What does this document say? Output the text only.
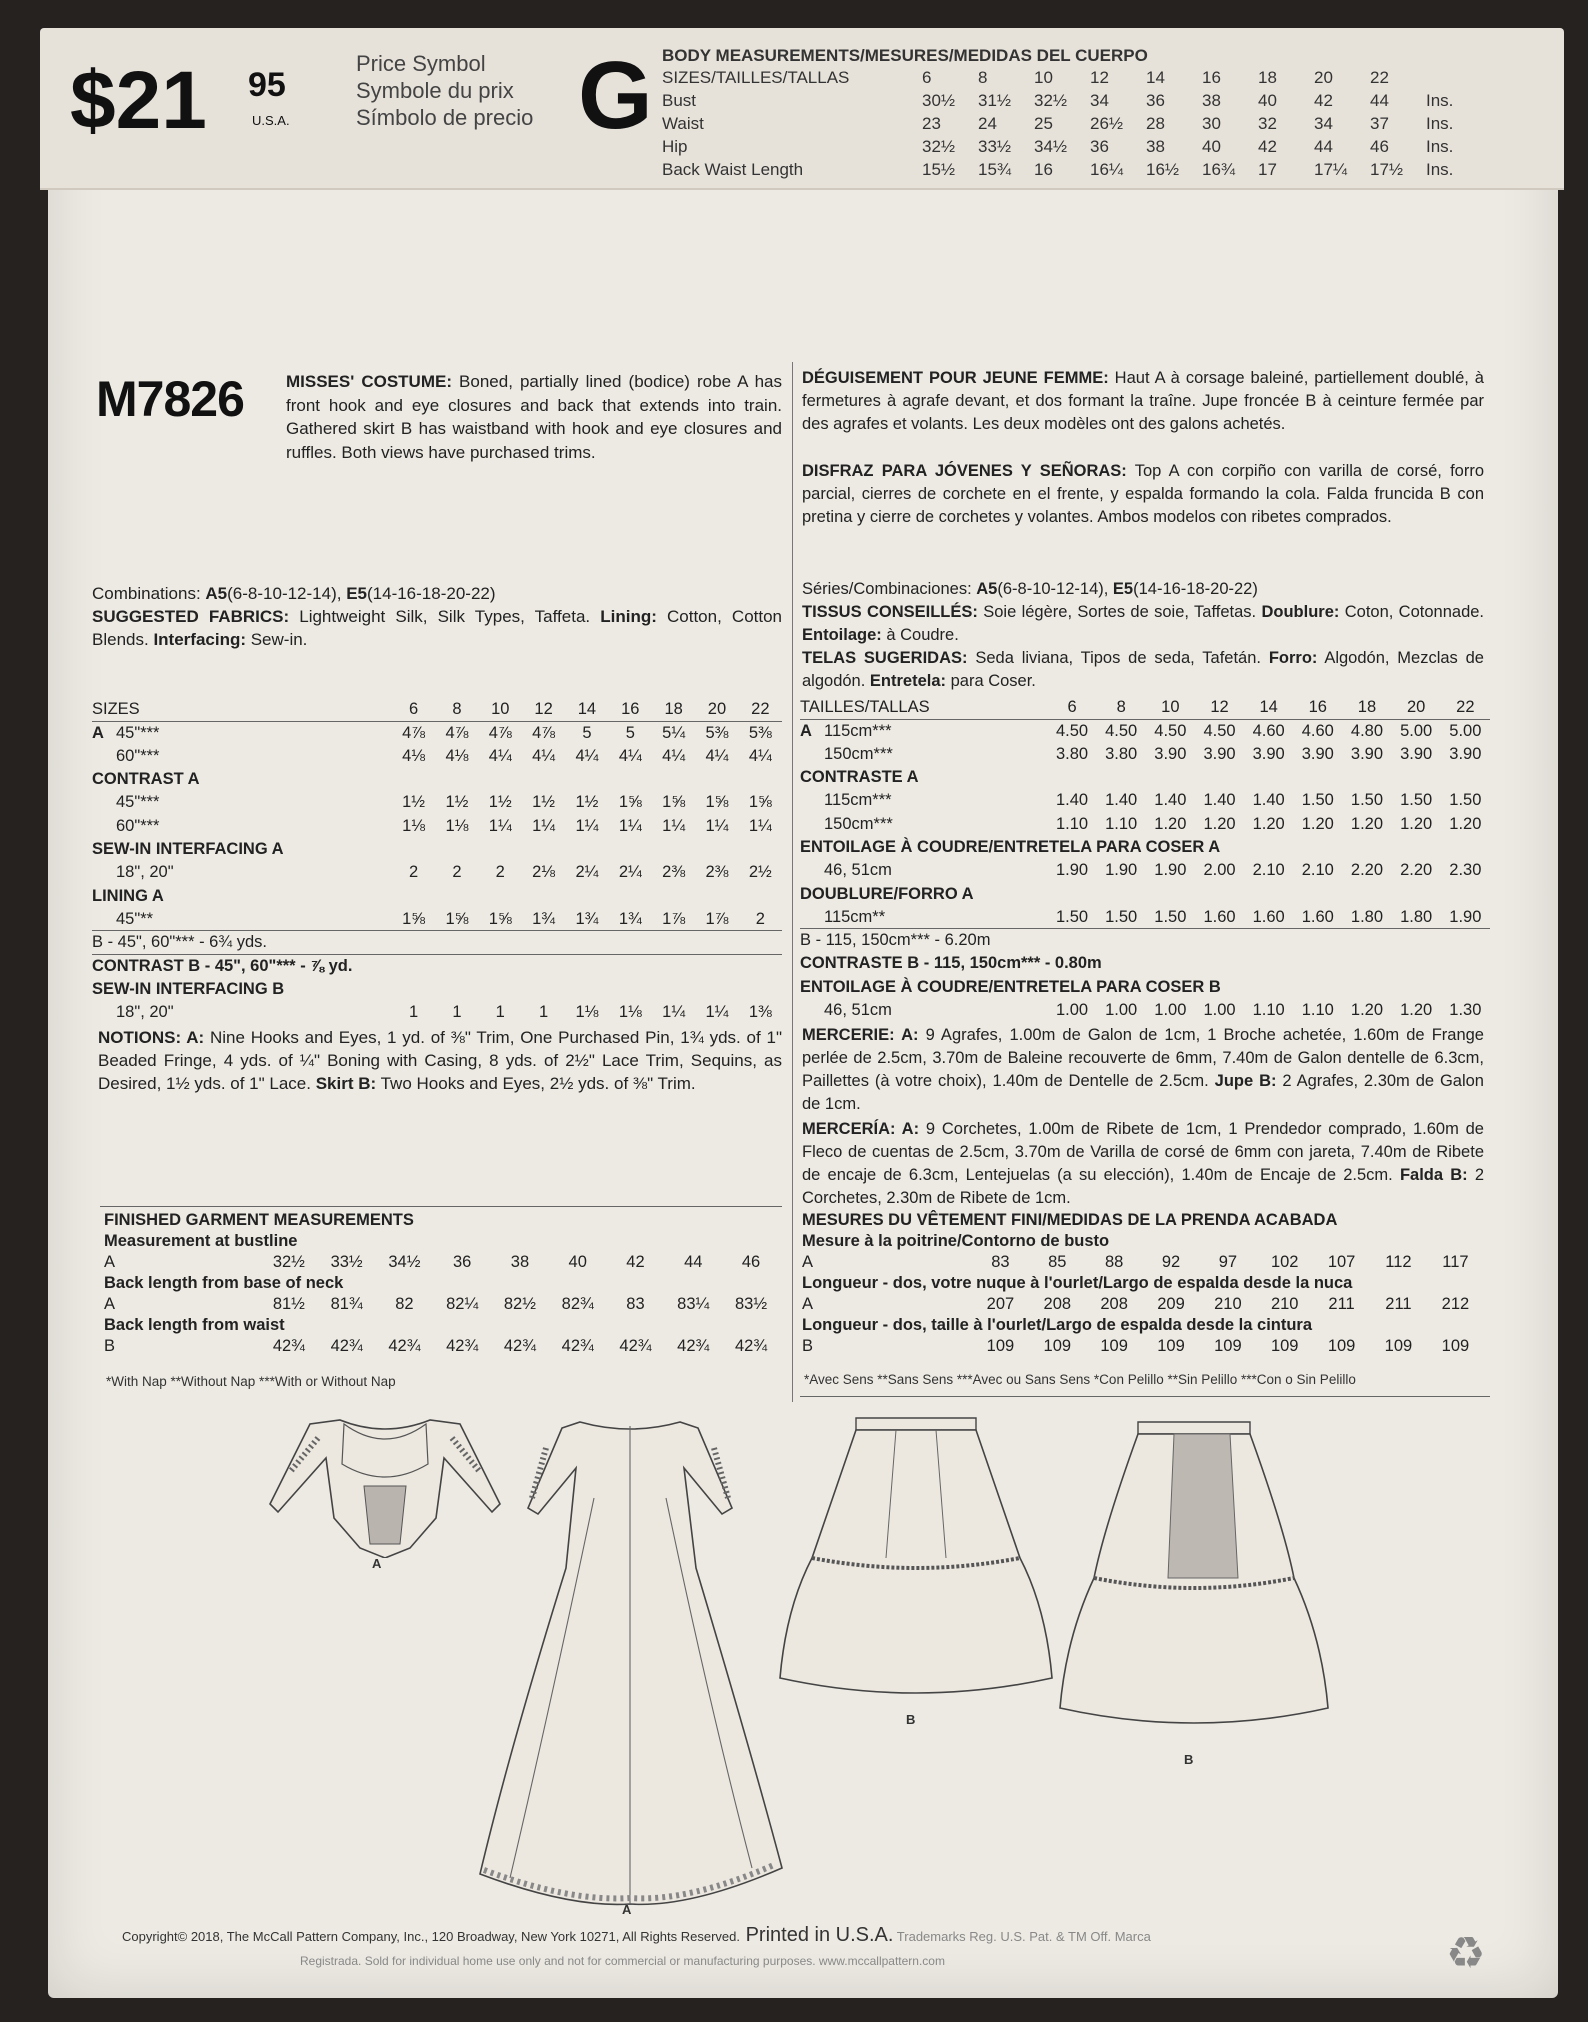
$21 95
U.S.A.
Price Symbol
Symbole du prix
Símbolo de precio G BODY MEASUREMENTS/MESURES/MEDIDAS DEL CUERPO
SIZES/TAILLES/TALLAS	6	8	10	12	14	16	18	20	22	
Bust	30½	31½	32½	34	36	38	40	42	44	Ins.
Waist	23	24	25	26½	28	30	32	34	37	Ins.
Hip	32½	33½	34½	36	38	40	42	44	46	Ins.
Back Waist Length	15½	15¾	16	16¼	16½	16¾	17	17¼	17½	Ins.
M7826 MISSES' COSTUME: Boned, partially lined (bodice) robe A has front hook and eye closures and back that extends into train. Gathered skirt B has waistband with hook and eye closures and ruffles. Both views have purchased trims.
DÉGUISEMENT POUR JEUNE FEMME: Haut A à corsage baleiné, partiellement doublé, à fermetures à agrafe devant, et dos formant la traîne. Jupe froncée B à ceinture fermée par des agrafes et volants. Les deux modèles ont des galons achetés.
DISFRAZ PARA JÓVENES Y SEÑORAS: Top A con corpiño con varilla de corsé, forro parcial, cierres de corchete en el frente, y espalda formando la cola. Falda fruncida B con pretina y cierre de corchetes y volantes. Ambos modelos con ribetes comprados.
Combinations: A5(6-8-10-12-14), E5(14-16-18-20-22)
SUGGESTED FABRICS: Lightweight Silk, Silk Types, Taffeta. Lining: Cotton, Cotton Blends. Interfacing: Sew-in.
Séries/Combinaciones: A5(6-8-10-12-14), E5(14-16-18-20-22)
TISSUS CONSEILLÉS: Soie légère, Sortes de soie, Taffetas. Doublure: Coton, Cotonnade. Entoilage: à Coudre.
TELAS SUGERIDAS: Seda liviana, Tipos de seda, Tafetán. Forro: Algodón, Mezclas de algodón. Entretela: para Coser.
SIZES		6	8	10	12	14	16	18	20	22
A	45"***	4⅞	4⅞	4⅞	4⅞	5	5	5¼	5⅜	5⅜
	60"***	4⅛	4⅛	4¼	4¼	4¼	4¼	4¼	4¼	4¼
CONTRAST A										
	45"***	1½	1½	1½	1½	1½	1⅝	1⅝	1⅝	1⅝
	60"***	1⅛	1⅛	1¼	1¼	1¼	1¼	1¼	1¼	1¼
SEW-IN INTERFACING A										
	18", 20"	2	2	2	2⅛	2¼	2¼	2⅜	2⅜	2½
LINING A										
	45"**	1⅝	1⅝	1⅝	1¾	1¾	1¾	1⅞	1⅞	2
B - 45", 60"*** - 6¾ yds.										
CONTRAST B - 45", 60"*** - ⅞ yd.										
SEW-IN INTERFACING B										
	18", 20"	1	1	1	1	1⅛	1⅛	1¼	1¼	1⅜
TAILLES/TALLAS		6	8	10	12	14	16	18	20	22
A	115cm***	4.50	4.50	4.50	4.50	4.60	4.60	4.80	5.00	5.00
	150cm***	3.80	3.80	3.90	3.90	3.90	3.90	3.90	3.90	3.90
CONTRASTE A										
	115cm***	1.40	1.40	1.40	1.40	1.40	1.50	1.50	1.50	1.50
	150cm***	1.10	1.10	1.20	1.20	1.20	1.20	1.20	1.20	1.20
ENTOILAGE À COUDRE/ENTRETELA PARA COSER A										
	46, 51cm	1.90	1.90	1.90	2.00	2.10	2.10	2.20	2.20	2.30
DOUBLURE/FORRO A										
	115cm**	1.50	1.50	1.50	1.60	1.60	1.60	1.80	1.80	1.90
B - 115, 150cm*** - 6.20m										
CONTRASTE B - 115, 150cm*** - 0.80m										
ENTOILAGE À COUDRE/ENTRETELA PARA COSER B										
	46, 51cm	1.00	1.00	1.00	1.00	1.10	1.10	1.20	1.20	1.30
NOTIONS: A: Nine Hooks and Eyes, 1 yd. of ⅜" Trim, One Purchased Pin, 1¾ yds. of 1" Beaded Fringe, 4 yds. of ¼" Boning with Casing, 8 yds. of 2½" Lace Trim, Sequins, as Desired, 1½ yds. of 1" Lace. Skirt B: Two Hooks and Eyes, 2½ yds. of ⅜" Trim.
MERCERIE: A: 9 Agrafes, 1.00m de Galon de 1cm, 1 Broche achetée, 1.60m de Frange perlée de 2.5cm, 3.70m de Baleine recouverte de 6mm, 7.40m de Galon dentelle de 6.3cm, Paillettes (à votre choix), 1.40m de Dentelle de 2.5cm. Jupe B: 2 Agrafes, 2.30m de Galon de 1cm.
MERCERÍA: A: 9 Corchetes, 1.00m de Ribete de 1cm, 1 Prendedor comprado, 1.60m de Fleco de cuentas de 2.5cm, 3.70m de Varilla de corsé de 6mm con jareta, 7.40m de Ribete de encaje de 6.3cm, Lentejuelas (a su elección), 1.40m de Encaje de 2.5cm. Falda B: 2 Corchetes, 2.30m de Ribete de 1cm.
FINISHED GARMENT MEASUREMENTS									
Measurement at bustline									
A	32½	33½	34½	36	38	40	42	44	46
Back length from base of neck									
A	81½	81¾	82	82¼	82½	82¾	83	83¼	83½
Back length from waist									
B	42¾	42¾	42¾	42¾	42¾	42¾	42¾	42¾	42¾
*With Nap **Without Nap ***With or Without Nap
MESURES DU VÊTEMENT FINI/MEDIDAS DE LA PRENDA ACABADA									
Mesure à la poitrine/Contorno de busto									
A	83	85	88	92	97	102	107	112	117
Longueur - dos, votre nuque à l'ourlet/Largo de espalda desde la nuca									
A	207	208	208	209	210	210	211	211	212
Longueur - dos, taille à l'ourlet/Largo de espalda desde la cintura									
B	109	109	109	109	109	109	109	109	109
*Avec Sens **Sans Sens ***Avec ou Sans Sens *Con Pelillo **Sin Pelillo ***Con o Sin Pelillo
A
A
B
B
Copyright© 2018, The McCall Pattern Company, Inc., 120 Broadway, New York 10271, All Rights Reserved. Printed in U.S.A. Trademarks Reg. U.S. Pat. & TM Off. Marca
Registrada. Sold for individual home use only and not for commercial or manufacturing purposes. www.mccallpattern.com	♻
